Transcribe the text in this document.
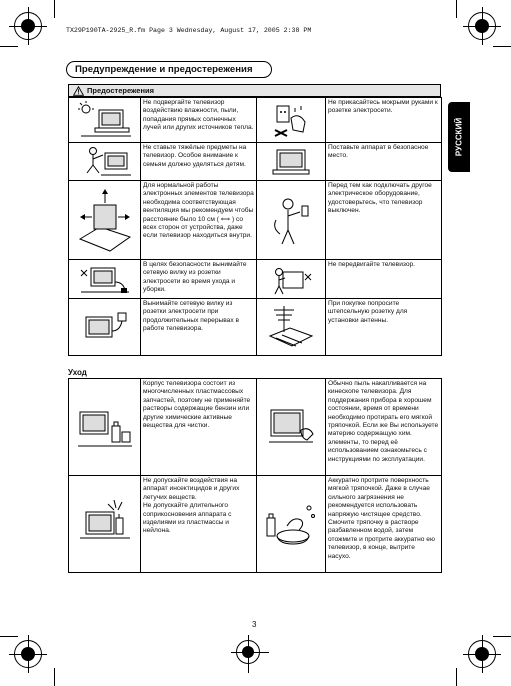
TX29P190TA-2925_R.fm Page 3 Wednesday, August 17, 2005 2:38 PM
Предупреждение и предостережения
РУССКИЙ
Предостережения
	Не подвергайте телевизор воздействию влажности, пыли, попадания прямых солнечных лучей или других источников тепла.		Не прикасайтесь мокрыми руками к розетке электросети.

	Не ставьте тяжёлые предметы на телевизор. Особое внимание к семьям должно уделяться детям.		Поставьте аппарат в безопасное место.

	Для нормальной работы электронных элементов телевизора необходима соответствующая вентиляция мы рекомендуем чтобы расстояние было 10 cм ( ⟺ ) со всех сторон от устройства, даже если телевизор находиться внутри.		Перед тем как подключать другое электрическое оборудование, удостоверьтесь, что телевизор выключен.

	В целях безопасности вынимайте сетевую вилку из розетки электросети во время уходa и уборки.		Не передвигайте телевизор.

	Вынимайте сетевую вилку из розетки электросети при продолжительных перерывах в работе телевизора.		При покупке попросите штепсельную розетку для установки антенны.
Уход
	Корпус телевизора состоит из многочисленных пластмассовых запчастей, поэтому не применяйте растворы содержащие бензин или другие химические активные вещества для чистки.		Обычно пыль накапливается на кинескопе телевизора. Для поддержания прибора в хорошем состоянии, время от времени необходимо протирать его мягкой тряпочкой. Если же Вы используете материю содержащую хим. элементы, то перед её использованием ознакомьтесь с инструкциями по эксплуатации.

	Не допускайте воздействия на аппарат инсектицидов и других летучих веществ.
Не допускайте длительного соприкосновения аппарата с изделиями из пластмассы и нейлона.		Аккуратно протрите поверхность мягкой тряпочкой. Даже в случае сильного загрязнения не рекомендуется использовать напряжую чистящее средство. Смочите тряпочку в растворе разбавленном водой, затем отожмите и протрите аккуратно ею телевизор, в конце, вытрите насухо.
3
